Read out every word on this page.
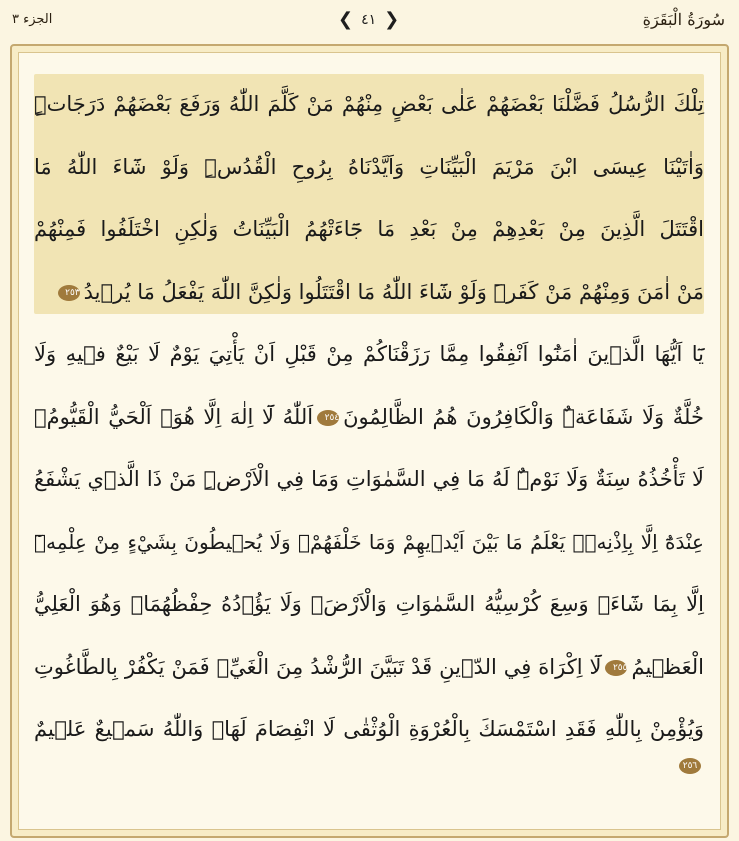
الجزء ٣	❮ ٤١ ❯	سُورَةُ الْبَقَرَةِ
تِلْكَ الرُّسُلُ فَضَّلْنَا بَعْضَهُمْ عَلٰى بَعْضٍ مِنْهُمْ مَنْ كَلَّمَ اللّٰهُ وَرَفَعَ بَعْضَهُمْ دَرَجَاتٍۜ
وَاٰتَيْنَا عِيسَى ابْنَ مَرْيَمَ الْبَيِّنَاتِ وَاَيَّدْنَاهُ بِرُوحِ الْقُدُسِۜ وَلَوْ شَٓاءَ اللّٰهُ مَا
اقْتَتَلَ الَّذِينَ مِنْ بَعْدِهِمْ مِنْ بَعْدِ مَا جَٓاءَتْهُمُ الْبَيِّنَاتُ وَلٰكِنِ اخْتَلَفُوا فَمِنْهُمْ
مَنْ اٰمَنَ وَمِنْهُمْ مَنْ كَفَرَۜ وَلَوْ شَٓاءَ اللّٰهُ مَا اقْتَتَلُوا وَلٰكِنَّ اللّٰهَ يَفْعَلُ مَا يُر۪يدُ٢٥٣
يَٓا اَيُّهَا الَّذ۪ينَ اٰمَنُٓوا اَنْفِقُوا مِمَّا رَزَقْنَاكُمْ مِنْ قَبْلِ اَنْ يَأْتِيَ يَوْمٌ لَا بَيْعٌ ف۪يهِ وَلَا
خُلَّةٌ وَلَا شَفَاعَةٌۜ وَالْكَافِرُونَ هُمُ الظَّالِمُونَ٢٥٤اَللّٰهُ لَٓا اِلٰهَ اِلَّا هُوَۚ اَلْحَيُّ الْقَيُّومُۚ
لَا تَأْخُذُهُ سِنَةٌ وَلَا نَوْمٌۜ لَهُ مَا فِي السَّمٰوَاتِ وَمَا فِي الْاَرْضِۜ مَنْ ذَا الَّذ۪ي يَشْفَعُ
عِنْدَهُٓ اِلَّا بِاِذْنِه۪ۜ يَعْلَمُ مَا بَيْنَ اَيْد۪يهِمْ وَمَا خَلْفَهُمْۚ وَلَا يُح۪يطُونَ بِشَيْءٍ مِنْ عِلْمِه۪ٓ
اِلَّا بِمَا شَٓاءَۚ وَسِعَ كُرْسِيُّهُ السَّمٰوَاتِ وَالْاَرْضَۚ وَلَا يَؤُ۫دُهُ حِفْظُهُمَاۚ وَهُوَ الْعَلِيُّ
الْعَظ۪يمُ٢٥٥لَٓا اِكْرَاهَ فِي الدّ۪ينِ قَدْ تَبَيَّنَ الرُّشْدُ مِنَ الْغَيِّۚ فَمَنْ يَكْفُرْ بِالطَّاغُوتِ
وَيُؤْمِنْ بِاللّٰهِ فَقَدِ اسْتَمْسَكَ بِالْعُرْوَةِ الْوُثْقٰى لَا انْفِصَامَ لَهَاۜ وَاللّٰهُ سَم۪يعٌ عَل۪يمٌ
٢٥٦
